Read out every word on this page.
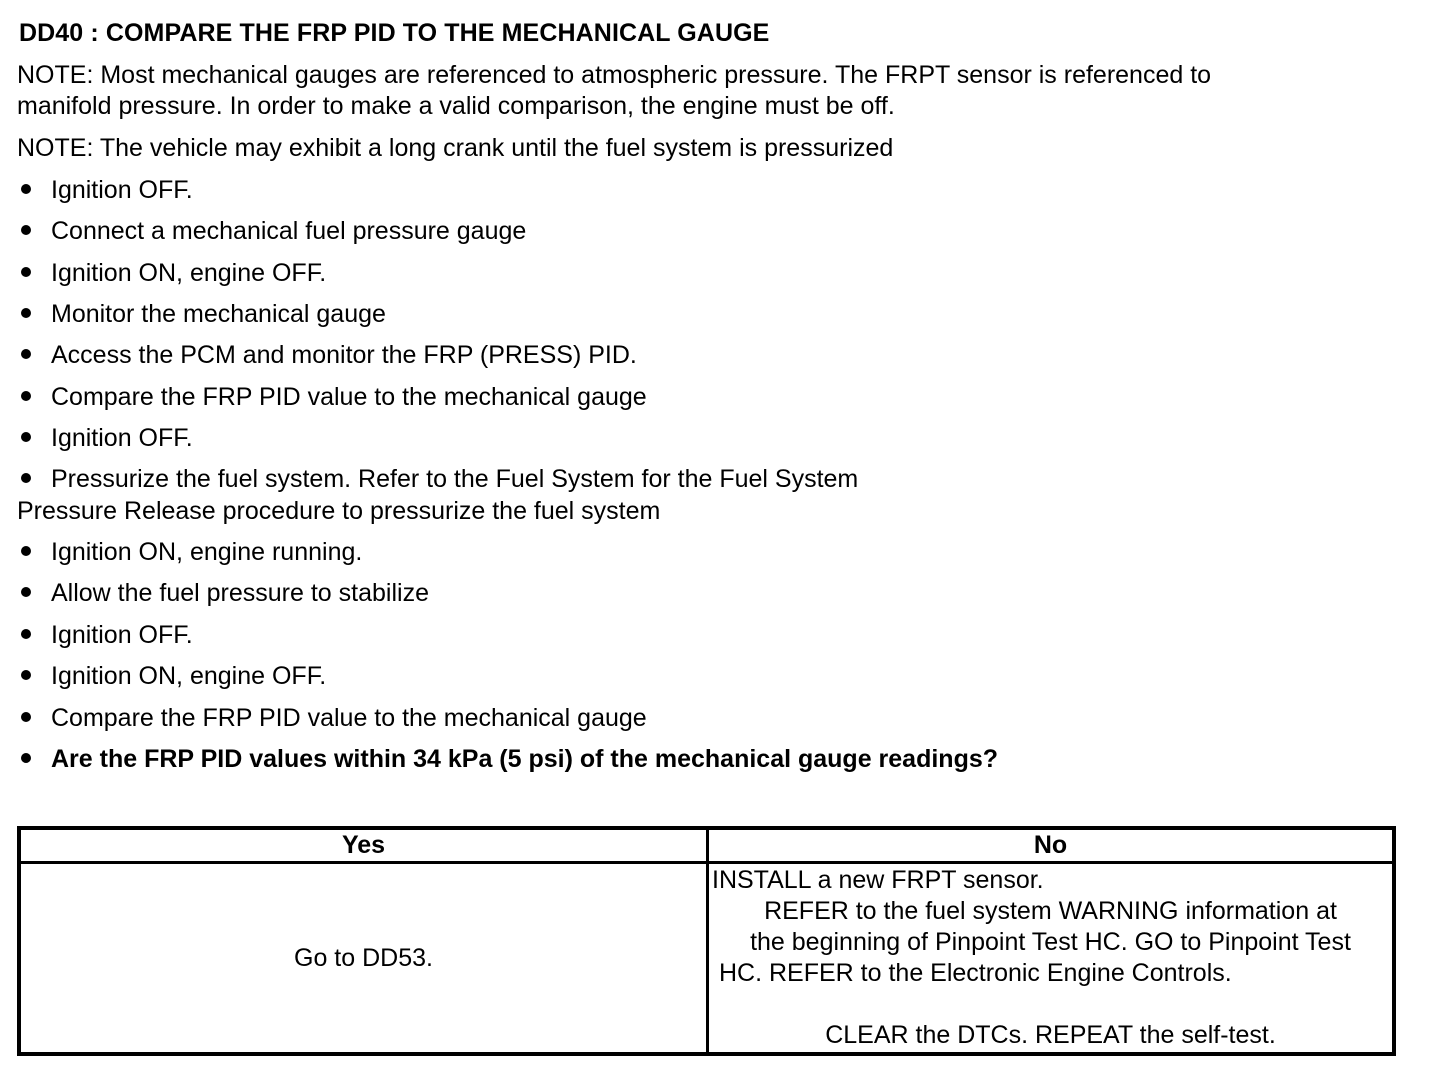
DD40 : COMPARE THE FRP PID TO THE MECHANICAL GAUGE
NOTE: Most mechanical gauges are referenced to atmospheric pressure. The FRPT sensor is referenced to
manifold pressure. In order to make a valid comparison, the engine must be off.
NOTE: The vehicle may exhibit a long crank until the fuel system is pressurized
Ignition OFF.
Connect a mechanical fuel pressure gauge
Ignition ON, engine OFF.
Monitor the mechanical gauge
Access the PCM and monitor the FRP (PRESS) PID.
Compare the FRP PID value to the mechanical gauge
Ignition OFF.
Pressurize the fuel system. Refer to the Fuel System for the Fuel System
Pressure Release procedure to pressurize the fuel system
Ignition ON, engine running.
Allow the fuel pressure to stabilize
Ignition OFF.
Ignition ON, engine OFF.
Compare the FRP PID value to the mechanical gauge
Are the FRP PID values within 34 kPa (5 psi) of the mechanical gauge readings?
Yes	No
Go to DD53.	INSTALL a new FRPT sensor.
REFER to the fuel system WARNING information at
the beginning of Pinpoint Test HC. GO to Pinpoint Test
HC. REFER to the Electronic Engine Controls.
CLEAR the DTCs. REPEAT the self-test.
